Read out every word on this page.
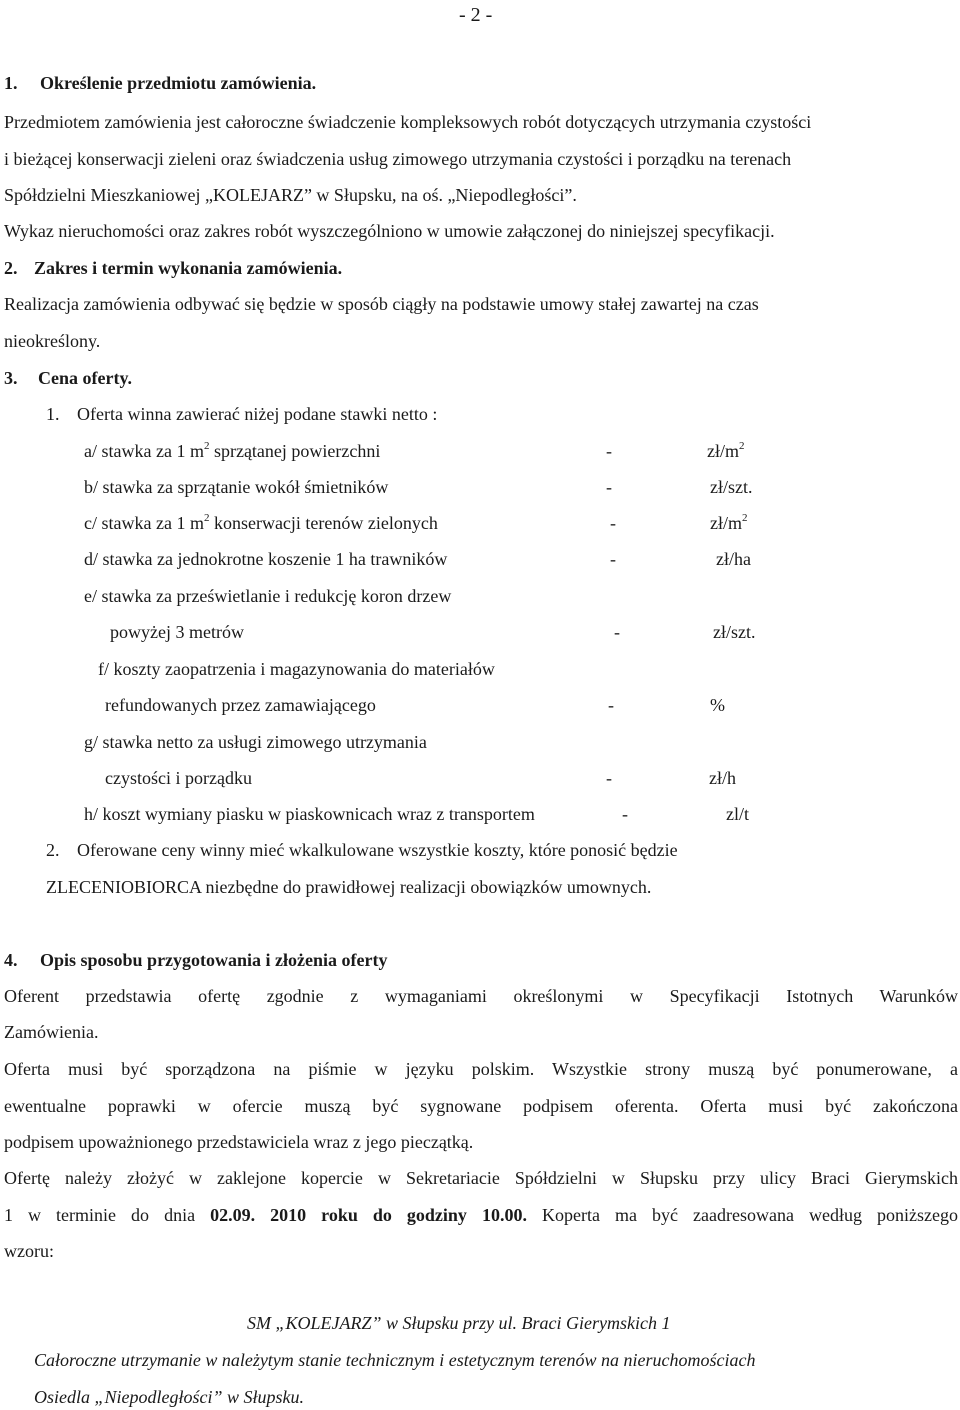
- 2 -
1. Określenie przedmiotu zamówienia.
Przedmiotem zamówienia jest całoroczne świadczenie kompleksowych robót dotyczących utrzymania czystości
i bieżącej konserwacji zieleni oraz świadczenia usług zimowego utrzymania czystości i porządku na terenach
Spółdzielni Mieszkaniowej „KOLEJARZ” w Słupsku, na oś. „Niepodległości”.
Wykaz nieruchomości oraz zakres robót wyszczególniono w umowie załączonej do niniejszej specyfikacji.
2. Zakres i termin wykonania zamówienia.
Realizacja zamówienia odbywać się będzie w sposób ciągły na podstawie umowy stałej zawartej na czas
nieokreślony.
3. Cena oferty.
1. Oferta winna zawierać niżej podane stawki netto :
a/ stawka za 1 $m^2$ sprzątanej powierzchni	-	$zł/m^2$
b/ stawka za sprzątanie wokół śmietników	-	zł/szt.
c/ stawka za 1 $m^2$ konserwacji terenów zielonych	-	$zł/m^2$
d/ stawka za jednokrotne koszenie 1 ha trawników	-	zł/ha
e/ stawka za prześwietlanie i redukcję koron drzew
powyżej 3 metrów	-	zł/szt.
f/ koszty zaopatrzenia i magazynowania do materiałów
refundowanych przez zamawiającego	-	%
g/ stawka netto za usługi zimowego utrzymania
czystości i porządku	-	zł/h
h/ koszt wymiany piasku w piaskownicach wraz z transportem	-	zl/t
2. Oferowane ceny winny mieć wkalkulowane wszystkie koszty, które ponosić będzie
ZLECENIOBIORCA niezbędne do prawidłowej realizacji obowiązków umownych.
4. Opis sposobu przygotowania i złożenia oferty
Oferent przedstawia ofertę zgodnie z wymaganiami określonymi w Specyfikacji Istotnych Warunków
Zamówienia.
Oferta musi być sporządzona na piśmie w języku polskim. Wszystkie strony muszą być ponumerowane, a
ewentualne poprawki w ofercie muszą być sygnowane podpisem oferenta. Oferta musi być zakończona
podpisem upoważnionego przedstawiciela wraz z jego pieczątką.
Ofertę należy złożyć w zaklejone kopercie w Sekretariacie Spółdzielni w Słupsku przy ulicy Braci Gierymskich
1 w terminie do dnia 02.09. 2010 roku do godziny 10.00. Koperta ma być zaadresowana według poniższego
wzoru:
SM „KOLEJARZ” w Słupsku przy ul. Braci Gierymskich 1
Całoroczne utrzymanie w należytym stanie technicznym i estetycznym terenów na nieruchomościach
Osiedla „Niepodległości” w Słupsku.
